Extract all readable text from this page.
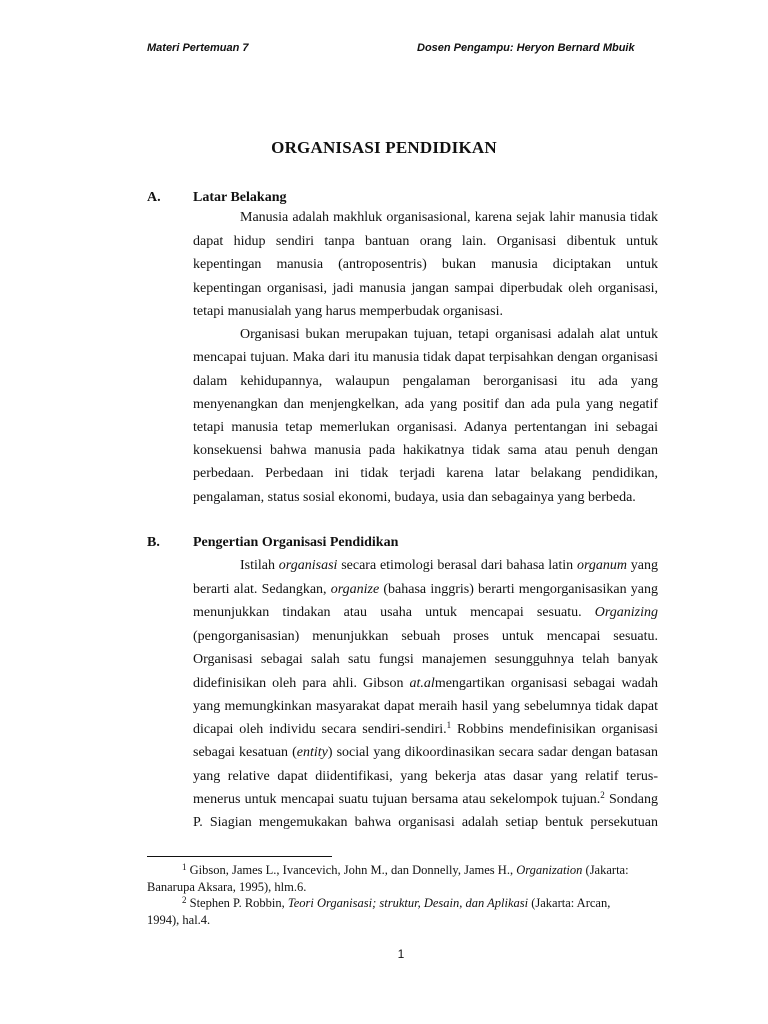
Materi Pertemuan 7	Dosen Pengampu: Heryon Bernard Mbuik
ORGANISASI PENDIDIKAN
A. Latar Belakang
Manusia adalah makhluk organisasional, karena sejak lahir manusia tidak
dapat hidup sendiri tanpa bantuan orang lain. Organisasi dibentuk untuk
kepentingan manusia (antroposentris) bukan manusia diciptakan untuk
kepentingan organisasi, jadi manusia jangan sampai diperbudak oleh organisasi,
tetapi manusialah yang harus memperbudak organisasi.
Organisasi bukan merupakan tujuan, tetapi organisasi adalah alat untuk
mencapai tujuan. Maka dari itu manusia tidak dapat terpisahkan dengan organisasi
dalam kehidupannya, walaupun pengalaman berorganisasi itu ada yang
menyenangkan dan menjengkelkan, ada yang positif dan ada pula yang negatif
tetapi manusia tetap memerlukan organisasi. Adanya pertentangan ini sebagai
konsekuensi bahwa manusia pada hakikatnya tidak sama atau penuh dengan
perbedaan. Perbedaan ini tidak terjadi karena latar belakang pendidikan,
pengalaman, status sosial ekonomi, budaya, usia dan sebagainya yang berbeda.
B. Pengertian Organisasi Pendidikan
Istilah organisasi secara etimologi berasal dari bahasa latin organum yang
berarti alat. Sedangkan, organize (bahasa inggris) berarti mengorganisasikan yang
menunjukkan tindakan atau usaha untuk mencapai sesuatu. Organizing
(pengorganisasian) menunjukkan sebuah proses untuk mencapai sesuatu.
Organisasi sebagai salah satu fungsi manajemen sesungguhnya telah banyak
didefinisikan oleh para ahli. Gibson at.almengartikan organisasi sebagai wadah
yang memungkinkan masyarakat dapat meraih hasil yang sebelumnya tidak dapat
dicapai oleh individu secara sendiri-sendiri.$^1$ Robbins mendefinisikan organisasi
sebagai kesatuan (entity) social yang dikoordinasikan secara sadar dengan batasan
yang relative dapat diidentifikasi, yang bekerja atas dasar yang relatif terus-
menerus untuk mencapai suatu tujuan bersama atau sekelompok tujuan.$^2$ Sondang
P. Siagian mengemukakan bahwa organisasi adalah setiap bentuk persekutuan
$^1$ Gibson, James L., Ivancevich, John M., dan Donnelly, James H., Organization (Jakarta:
Banarupa Aksara, 1995), hlm.6.
$^2$ Stephen P. Robbin, Teori Organisasi; struktur, Desain, dan Aplikasi (Jakarta: Arcan,
1994), hal.4.
1
